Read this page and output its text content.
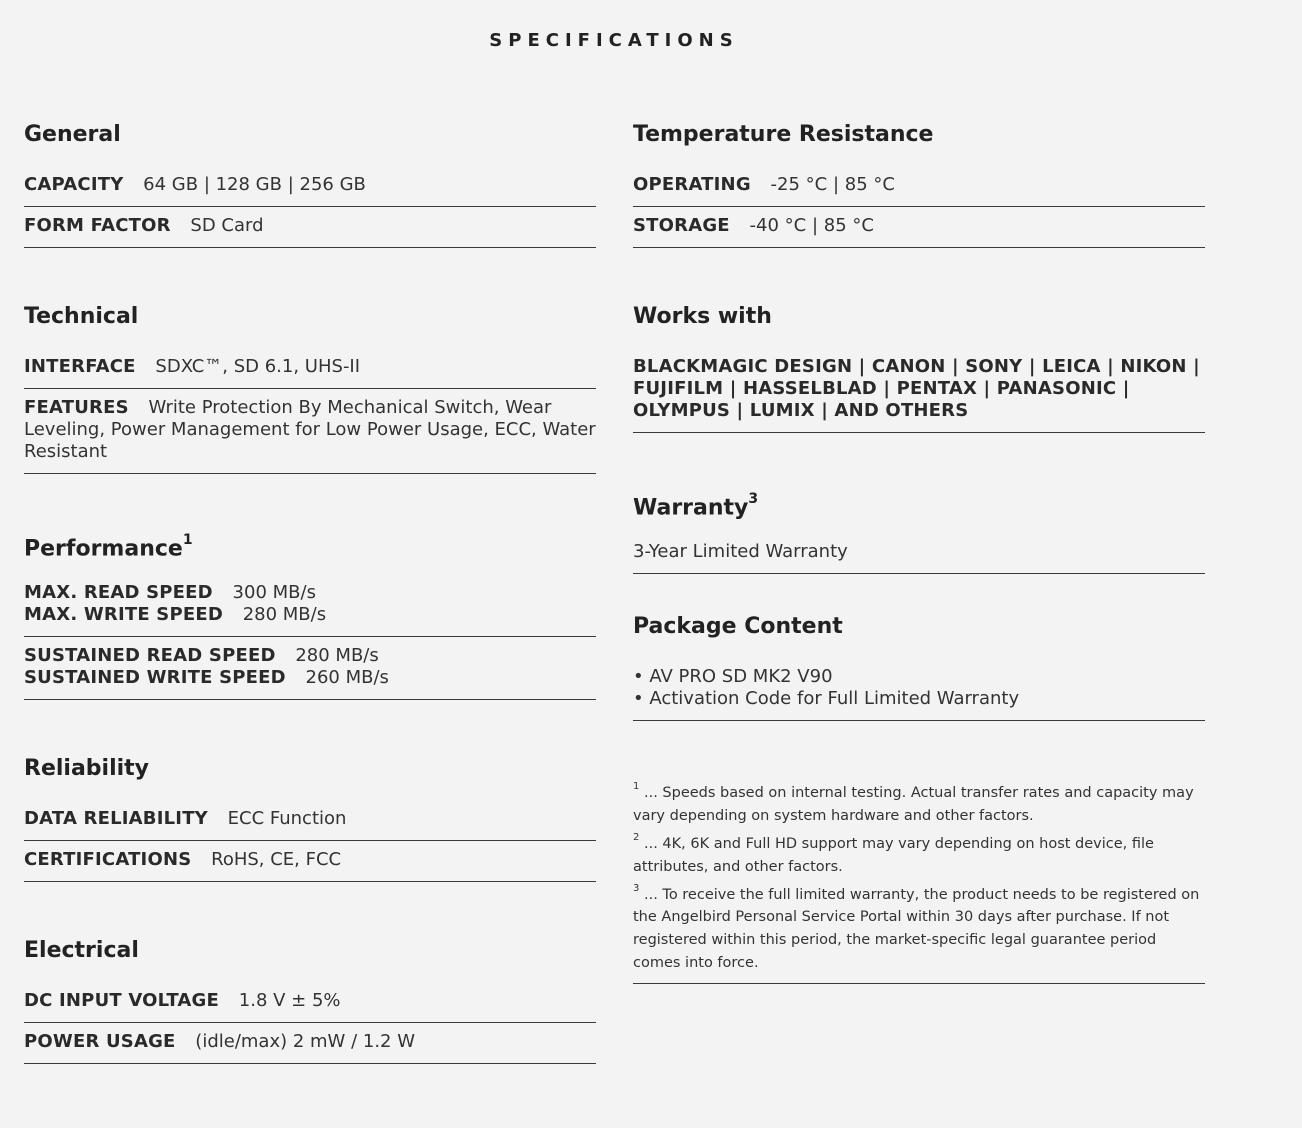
SPECIFICATIONS
General
CAPACITY 64 GB | 128 GB | 256 GB
FORM FACTOR SD Card
Technical
INTERFACE SDXC™, SD 6.1, UHS-II
FEATURES Write Protection By Mechanical Switch, Wear Leveling, Power Management for Low Power Usage, ECC, Water Resistant
Performance$^1$
MAX. READ SPEED 300 MB/s
MAX. WRITE SPEED 280 MB/s
SUSTAINED READ SPEED 280 MB/s
SUSTAINED WRITE SPEED 260 MB/s
Reliability
DATA RELIABILITY ECC Function
CERTIFICATIONS RoHS, CE, FCC
Electrical
DC INPUT VOLTAGE 1.8 V ± 5%
POWER USAGE (idle/max) 2 mW / 1.2 W
Temperature Resistance
OPERATING -25 °C | 85 °C
STORAGE -40 °C | 85 °C
Works with
BLACKMAGIC DESIGN | CANON | SONY | LEICA | NIKON |
FUJIFILM | HASSELBLAD | PENTAX | PANASONIC |
OLYMPUS | LUMIX | AND OTHERS
Warranty$^3$
3-Year Limited Warranty
Package Content
• AV PRO SD MK2 V90
• Activation Code for Full Limited Warranty
$^1$ ... Speeds based on internal testing. Actual transfer rates and capacity may vary depending on system hardware and other factors.
$^2$ ... 4K, 6K and Full HD support may vary depending on host device, file attributes, and other factors.
$^3$ ... To receive the full limited warranty, the product needs to be registered on the Angelbird Personal Service Portal within 30 days after purchase. If not registered within this period, the market-specific legal guarantee period comes into force.
